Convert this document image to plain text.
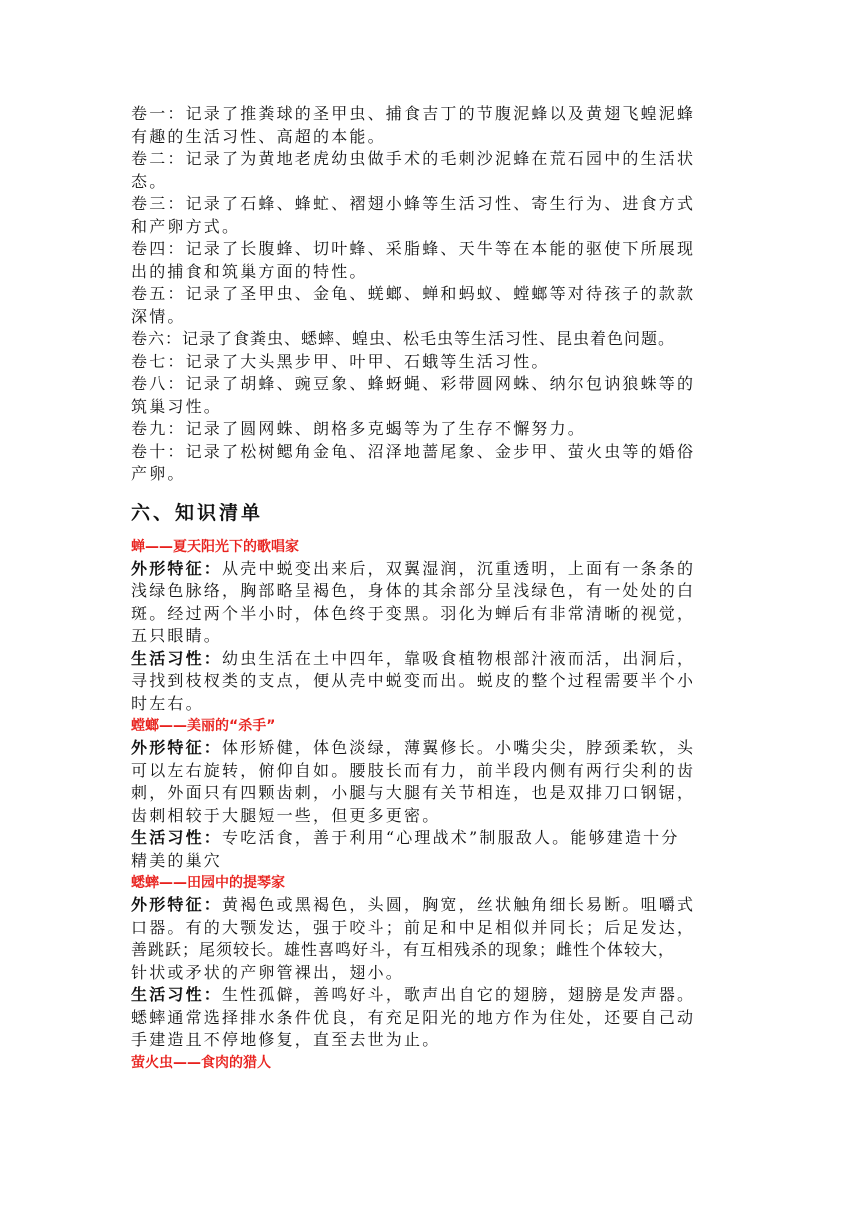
卷一：记录了推粪球的圣甲虫、捕食吉丁的节腹泥蜂以及黄翅飞蝗泥蜂

有趣的生活习性、高超的本能。

卷二：记录了为黄地老虎幼虫做手术的毛刺沙泥蜂在荒石园中的生活状

态。

卷三：记录了石蜂、蜂虻、褶翅小蜂等生活习性、寄生行为、进食方式

和产卵方式。

卷四：记录了长腹蜂、切叶蜂、采脂蜂、天牛等在本能的驱使下所展现

出的捕食和筑巢方面的特性。

卷五：记录了圣甲虫、金龟、蜣螂、蝉和蚂蚁、螳螂等对待孩子的款款

深情。

卷六：记录了食粪虫、蟋蟀、蝗虫、松毛虫等生活习性、昆虫着色问题。

卷七：记录了大头黑步甲、叶甲、石蛾等生活习性。

卷八：记录了胡蜂、豌豆象、蜂蚜蝇、彩带圆网蛛、纳尔包讷狼蛛等的

筑巢习性。

卷九：记录了圆网蛛、朗格多克蝎等为了生存不懈努力。

卷十：记录了松树鳃角金龟、沼泽地蔷尾象、金步甲、萤火虫等的婚俗

产卵。

六、知识清单

蝉——夏天阳光下的歌唱家

外形特征：从壳中蜕变出来后，双翼湿润，沉重透明，上面有一条条的

浅绿色脉络，胸部略呈褐色，身体的其余部分呈浅绿色，有一处处的白

斑。经过两个半小时，体色终于变黑。羽化为蝉后有非常清晰的视觉，

五只眼睛。

生活习性：幼虫生活在土中四年，靠吸食植物根部汁液而活，出洞后，

寻找到枝杈类的支点，便从壳中蜕变而出。蜕皮的整个过程需要半个小

时左右。

螳螂——美丽的“杀手”

外形特征：体形矫健，体色淡绿，薄翼修长。小嘴尖尖，脖颈柔软，头

可以左右旋转，俯仰自如。腰肢长而有力，前半段内侧有两行尖利的齿

刺，外面只有四颗齿刺，小腿与大腿有关节相连，也是双排刀口钢锯，

齿刺相较于大腿短一些，但更多更密。

生活习性：专吃活食，善于利用“心理战术”制服敌人。能够建造十分

精美的巢穴

蟋蟀——田园中的提琴家

外形特征：黄褐色或黑褐色，头圆，胸宽，丝状触角细长易断。咀嚼式

口器。有的大颚发达，强于咬斗；前足和中足相似并同长；后足发达，

善跳跃；尾须较长。雄性喜鸣好斗，有互相残杀的现象；雌性个体较大，

针状或矛状的产卵管裸出，翅小。

生活习性：生性孤僻，善鸣好斗，歌声出自它的翅膀，翅膀是发声器。

蟋蟀通常选择排水条件优良，有充足阳光的地方作为住处，还要自己动

手建造且不停地修复，直至去世为止。

萤火虫——食肉的猎人
